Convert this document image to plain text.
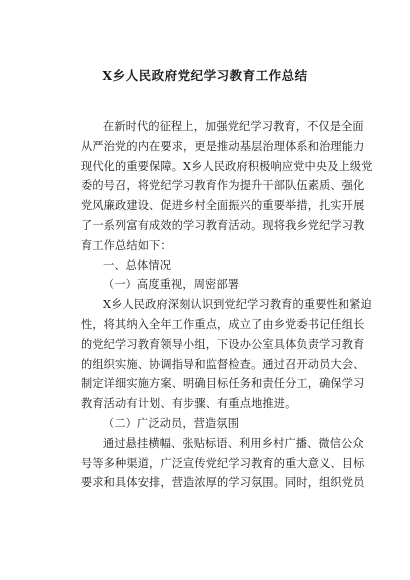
X乡人民政府党纪学习教育工作总结
在新时代的征程上，加强党纪学习教育，不仅是全面
从严治党的内在要求，更是推动基层治理体系和治理能力
现代化的重要保障。X乡人民政府积极响应党中央及上级党
委的号召，将党纪学习教育作为提升干部队伍素质、强化
党风廉政建设、促进乡村全面振兴的重要举措，扎实开展
了一系列富有成效的学习教育活动。现将我乡党纪学习教
育工作总结如下：
一、总体情况
（一）高度重视，周密部署
X乡人民政府深刻认识到党纪学习教育的重要性和紧迫
性，将其纳入全年工作重点，成立了由乡党委书记任组长
的党纪学习教育领导小组，下设办公室具体负责学习教育
的组织实施、协调指导和监督检查。通过召开动员大会、
制定详细实施方案、明确目标任务和责任分工，确保学习
教育活动有计划、有步骤、有重点地推进。
（二）广泛动员，营造氛围
通过悬挂横幅、张贴标语、利用乡村广播、微信公众
号等多种渠道，广泛宣传党纪学习教育的重大意义、目标
要求和具体安排，营造浓厚的学习氛围。同时，组织党员
